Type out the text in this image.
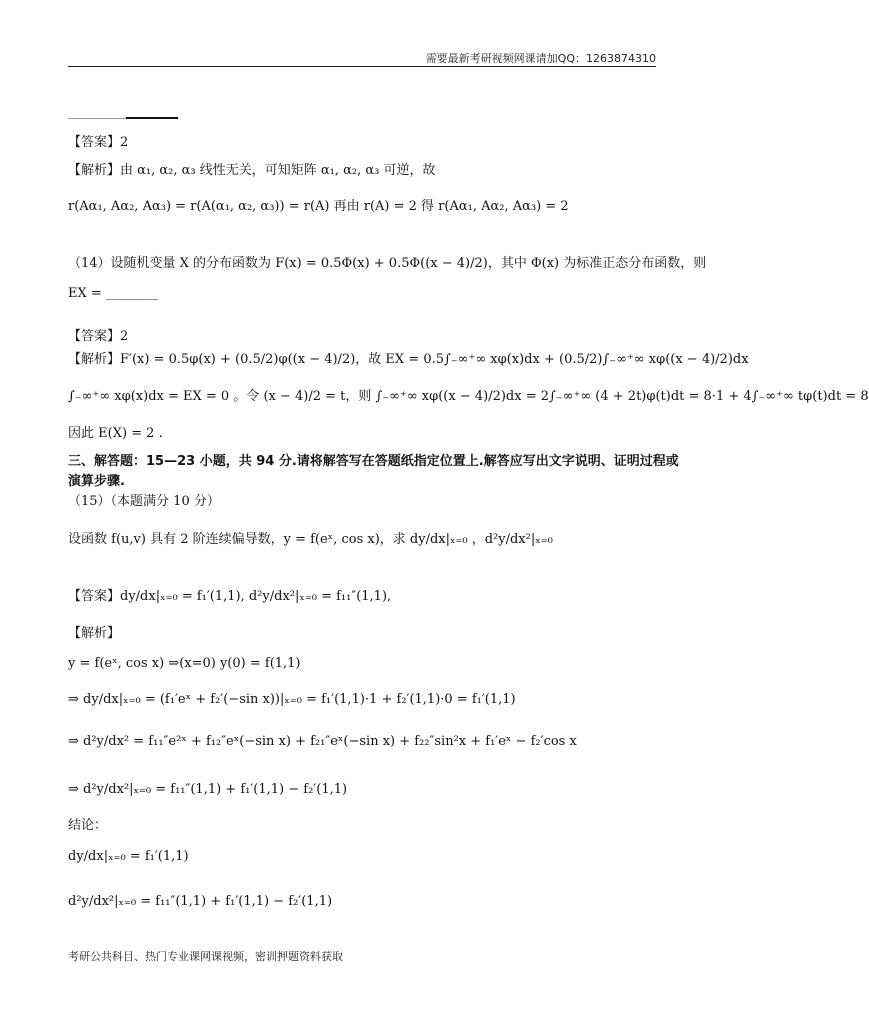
需要最新考研视频网课请加QQ：1263874310
【答案】2
【解析】由 α₁, α₂, α₃ 线性无关，可知矩阵 α₁, α₂, α₃ 可逆，故
r(Aα₁, Aα₂, Aα₃) = r(A(α₁, α₂, α₃)) = r(A) 再由 r(A) = 2 得 r(Aα₁, Aα₂, Aα₃) = 2
（14）设随机变量 X 的分布函数为 F(x) = 0.5Φ(x) + 0.5Φ((x − 4)/2)，其中 Φ(x) 为标准正态分布函数，则
EX = ________
【答案】2
【解析】F′(x) = 0.5φ(x) + (0.5/2)φ((x − 4)/2)，故 EX = 0.5∫₋∞⁺∞ xφ(x)dx + (0.5/2)∫₋∞⁺∞ xφ((x − 4)/2)dx
∫₋∞⁺∞ xφ(x)dx = EX = 0 。令 (x − 4)/2 = t，则 ∫₋∞⁺∞ xφ((x − 4)/2)dx = 2∫₋∞⁺∞ (4 + 2t)φ(t)dt = 8·1 + 4∫₋∞⁺∞ tφ(t)dt = 8
因此 E(X) = 2 .
三、解答题：15—23 小题，共 94 分.请将解答写在答题纸指定位置上.解答应写出文字说明、证明过程或
演算步骤.
（15）（本题满分 10 分）
设函数 f(u,v) 具有 2 阶连续偏导数，y = f(eˣ, cos x)，求 dy/dx|ₓ₌₀ ，d²y/dx²|ₓ₌₀
【答案】dy/dx|ₓ₌₀ = f₁′(1,1), d²y/dx²|ₓ₌₀ = f₁₁″(1,1),
【解析】
y = f(eˣ, cos x) ⇒(x=0) y(0) = f(1,1)
⇒ dy/dx|ₓ₌₀ = (f₁′eˣ + f₂′(−sin x))|ₓ₌₀ = f₁′(1,1)·1 + f₂′(1,1)·0 = f₁′(1,1)
⇒ d²y/dx² = f₁₁″e²ˣ + f₁₂″eˣ(−sin x) + f₂₁″eˣ(−sin x) + f₂₂″sin²x + f₁′eˣ − f₂′cos x
⇒ d²y/dx²|ₓ₌₀ = f₁₁″(1,1) + f₁′(1,1) − f₂′(1,1)
结论：
dy/dx|ₓ₌₀ = f₁′(1,1)
d²y/dx²|ₓ₌₀ = f₁₁″(1,1) + f₁′(1,1) − f₂′(1,1)
考研公共科目、热门专业课网课视频，密训押题资料获取
